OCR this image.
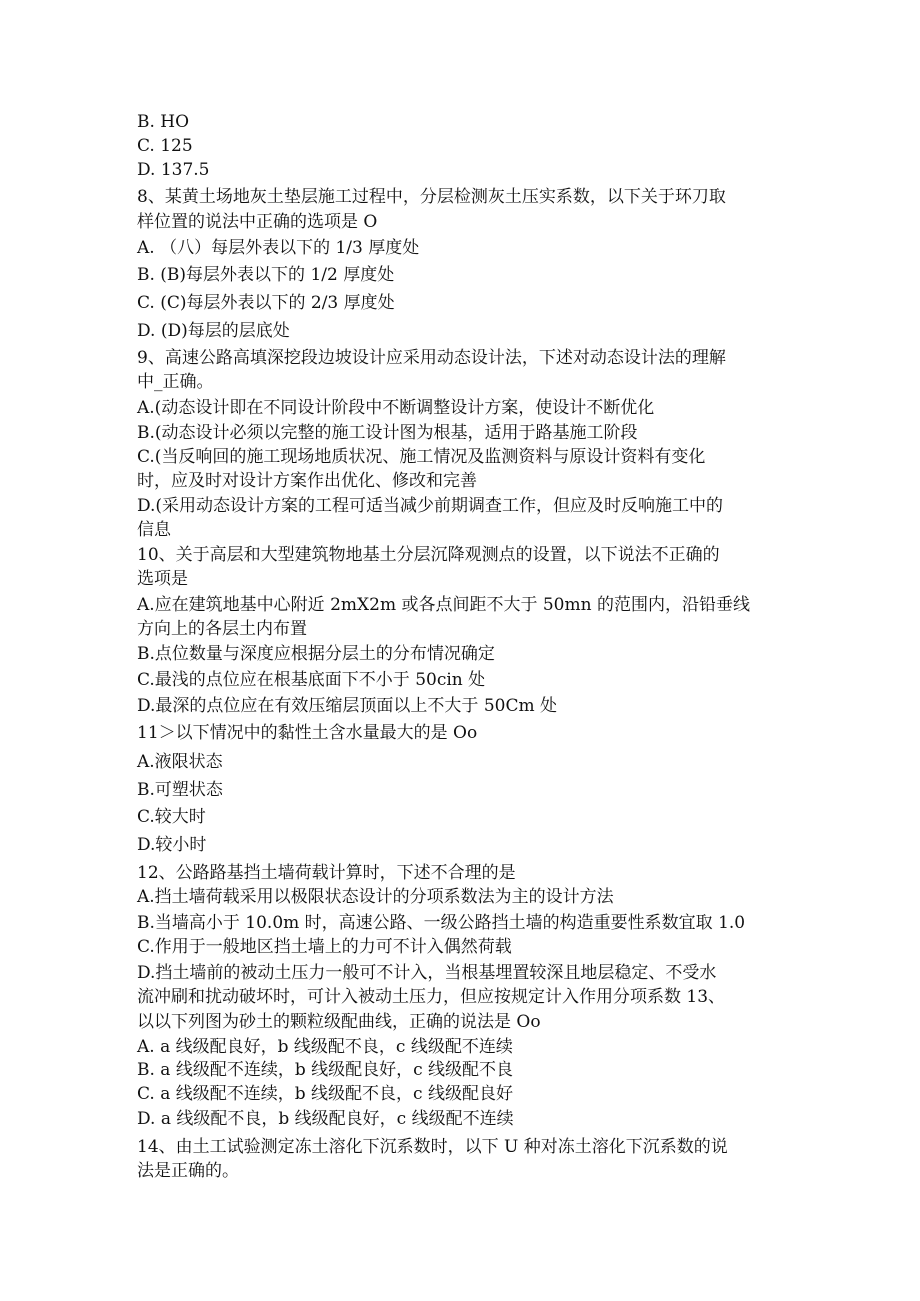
B. HO
C. 125
D. 137.5
8、某黄土场地灰土垫层施工过程中，分层检测灰土压实系数，以下关于环刀取
样位置的说法中正确的选项是 O
A. （八）每层外表以下的 1/3 厚度处
B. (B)每层外表以下的 1/2 厚度处
C. (C)每层外表以下的 2/3 厚度处
D. (D)每层的层底处
9、高速公路高填深挖段边坡设计应采用动态设计法，下述对动态设计法的理解
中_正确。
A.(动态设计即在不同设计阶段中不断调整设计方案，使设计不断优化
B.(动态设计必须以完整的施工设计图为根基，适用于路基施工阶段
C.(当反响回的施工现场地质状况、施工情况及监测资料与原设计资料有变化
时，应及时对设计方案作出优化、修改和完善
D.(采用动态设计方案的工程可适当减少前期调查工作，但应及时反响施工中的
信息
10、关于高层和大型建筑物地基土分层沉降观测点的设置，以下说法不正确的
选项是
A.应在建筑地基中心附近 2mX2m 或各点间距不大于 50mn 的范围内，沿铅垂线
方向上的各层土内布置
B.点位数量与深度应根据分层土的分布情况确定
C.最浅的点位应在根基底面下不小于 50cin 处
D.最深的点位应在有效压缩层顶面以上不大于 50Cm 处
11＞以下情况中的黏性土含水量最大的是 Oo
A.液限状态
B.可塑状态
C.较大时
D.较小时
12、公路路基挡土墙荷载计算时，下述不合理的是
A.挡土墙荷载采用以极限状态设计的分项系数法为主的设计方法
B.当墙高小于 10.0m 时，高速公路、一级公路挡土墙的构造重要性系数宜取 1.0
C.作用于一般地区挡土墙上的力可不计入偶然荷载
D.挡土墙前的被动土压力一般可不计入，当根基埋置较深且地层稳定、不受水
流冲刷和扰动破坏时，可计入被动土压力，但应按规定计入作用分项系数 13、
以以下列图为砂土的颗粒级配曲线，正确的说法是 Oo
A. a 线级配良好，b 线级配不良，c 线级配不连续
B. a 线级配不连续，b 线级配良好，c 线级配不良
C. a 线级配不连续，b 线级配不良，c 线级配良好
D. a 线级配不良，b 线级配良好，c 线级配不连续
14、由土工试验测定冻土溶化下沉系数时，以下 U 种对冻土溶化下沉系数的说
法是正确的。
